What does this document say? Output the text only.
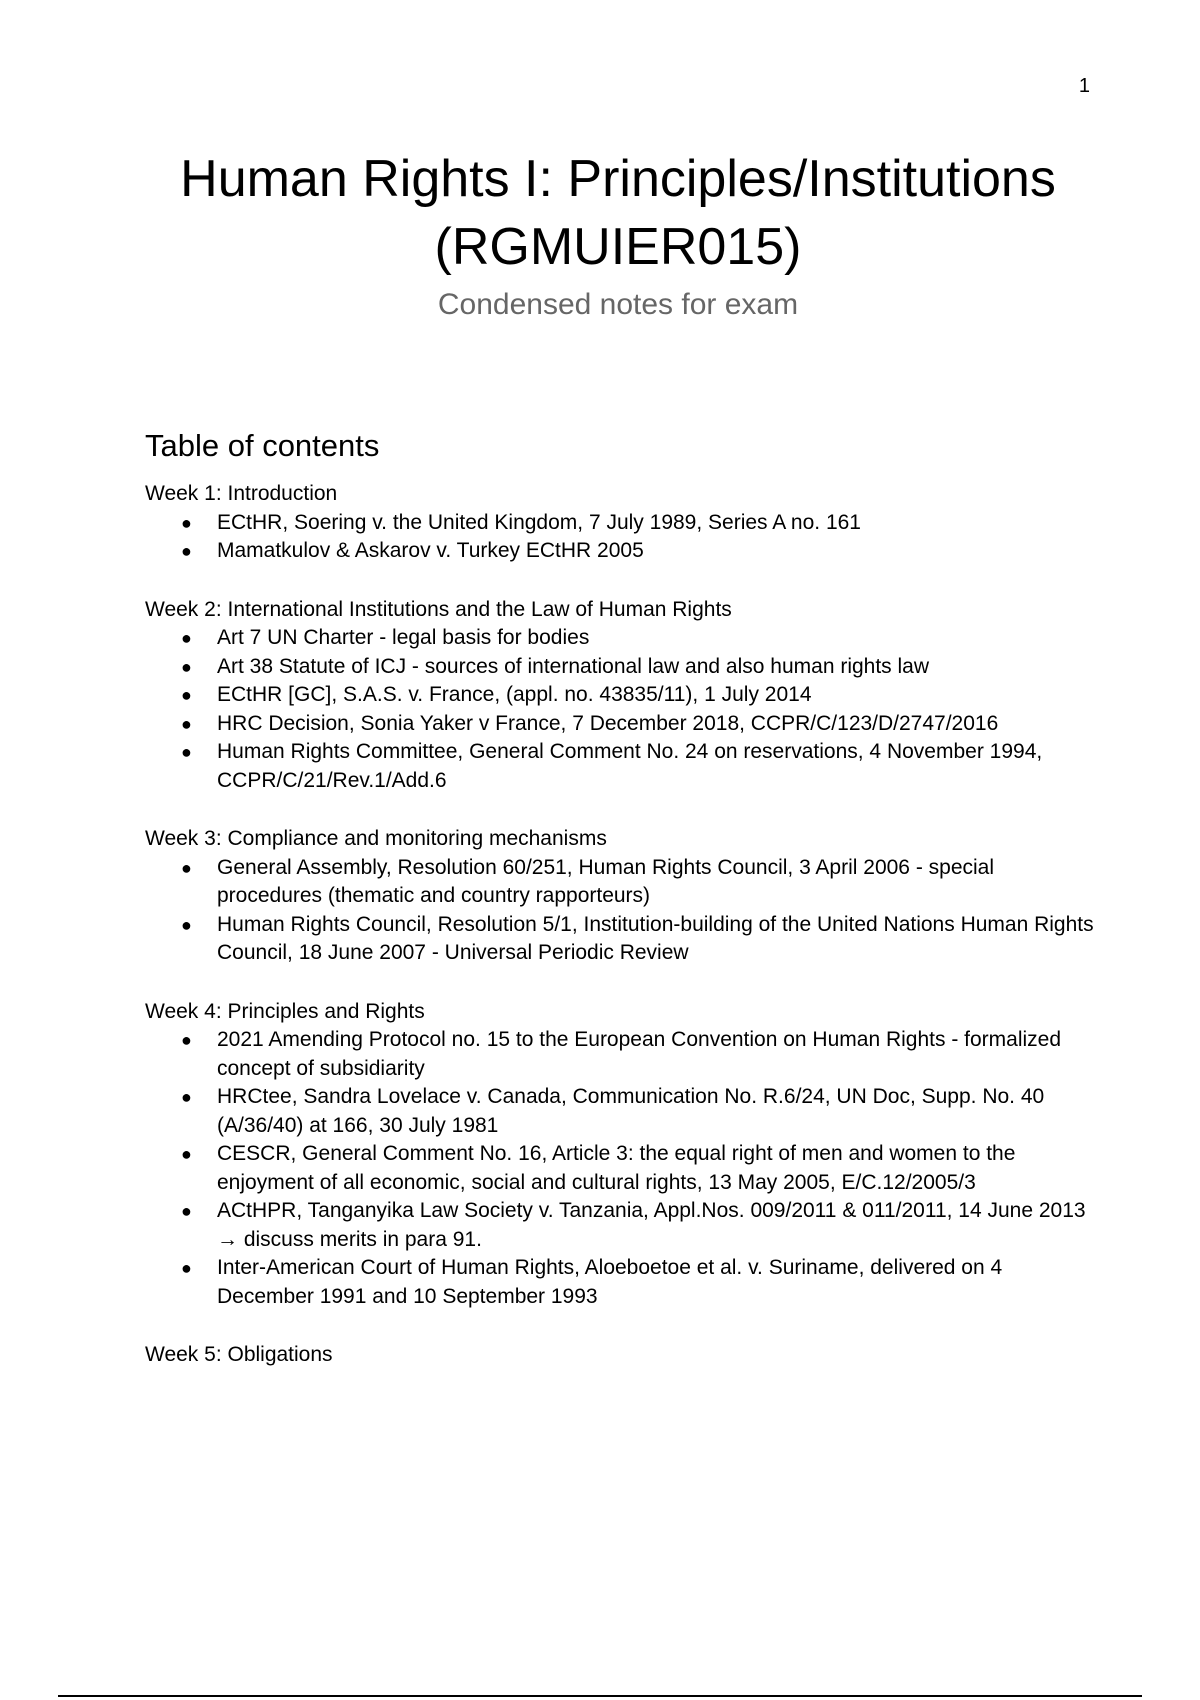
1
Human Rights I: Principles/Institutions (RGMUIER015)
Condensed notes for exam
Table of contents

Week 1: Introduction

● ECtHR, Soering v. the United Kingdom, 7 July 1989, Series A no. 161
● Mamatkulov & Askarov v. Turkey ECtHR 2005

Week 2: International Institutions and the Law of Human Rights

● Art 7 UN Charter - legal basis for bodies
● Art 38 Statute of ICJ - sources of international law and also human rights law
● ECtHR [GC], S.A.S. v. France, (appl. no. 43835/11), 1 July 2014
● HRC Decision, Sonia Yaker v France, 7 December 2018, CCPR/C/123/D/2747/2016
● Human Rights Committee, General Comment No. 24 on reservations, 4 November 1994, CCPR/C/21/Rev.1/Add.6

Week 3: Compliance and monitoring mechanisms

● General Assembly, Resolution 60/251, Human Rights Council, 3 April 2006 - special procedures (thematic and country rapporteurs)
● Human Rights Council, Resolution 5/1, Institution-building of the United Nations Human Rights Council, 18 June 2007 - Universal Periodic Review

Week 4: Principles and Rights

● 2021 Amending Protocol no. 15 to the European Convention on Human Rights - formalized concept of subsidiarity
● HRCtee, Sandra Lovelace v. Canada, Communication No. R.6/24, UN Doc, Supp. No. 40 (A/36/40) at 166, 30 July 1981
● CESCR, General Comment No. 16, Article 3: the equal right of men and women to the enjoyment of all economic, social and cultural rights, 13 May 2005, E/C.12/2005/3
● ACtHPR, Tanganyika Law Society v. Tanzania, Appl.Nos. 009/2011 & 011/2011, 14 June 2013 → discuss merits in para 91.
● Inter-American Court of Human Rights, Aloeboetoe et al. v. Suriname, delivered on 4 December 1991 and 10 September 1993

Week 5: Obligations
